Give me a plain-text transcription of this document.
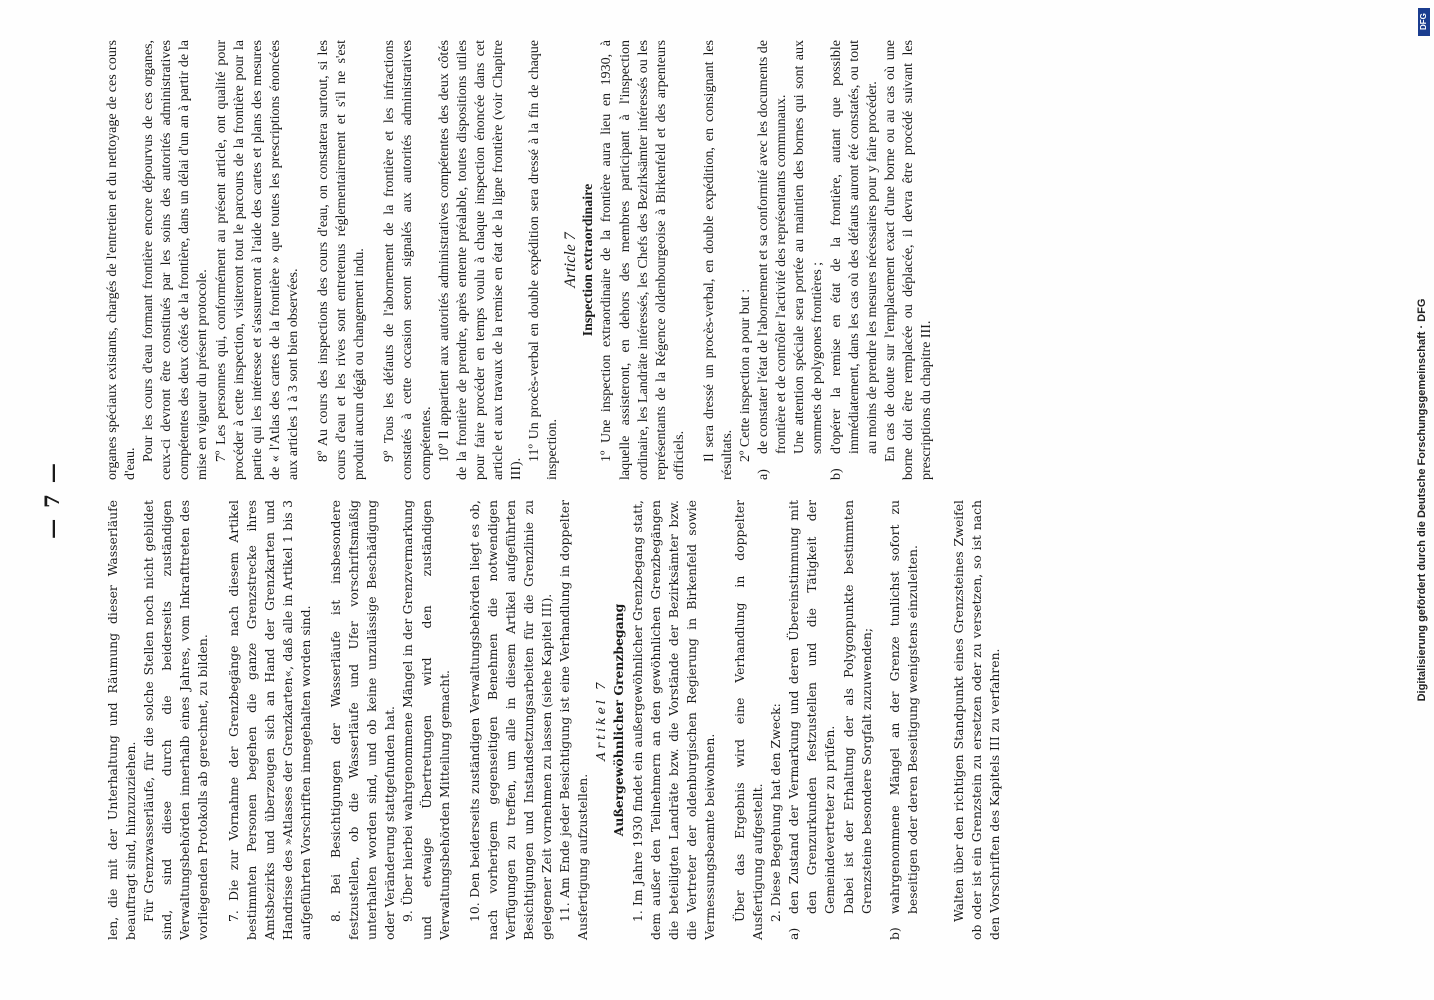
— 7 —	len, die mit der Unterhaltung und Räumung dieser Wasserläufe beauftragt sind, hinzuzuziehen. Für Grenzwasserläufe, für die solche Stellen noch nicht gebildet sind, sind diese durch die beiderseits zuständigen Verwaltungsbehörden innerhalb eines Jahres, vom Inkrafttreten des vorliegenden Protokolls ab gerechnet, zu bilden. 7. Die zur Vornahme der Grenzbegänge nach diesem Artikel bestimmten Personen begehen die ganze Grenzstrecke ihres Amtsbezirks und überzeugen sich an Hand der Grenzkarten und Handrisse des »Atlasses der Grenzkarten«, daß alle in Artikel 1 bis 3 aufgeführten Vorschriften innegehalten worden sind. 8. Bei Besichtigungen der Wasserläufe ist insbesondere festzustellen, ob die Wasserläufe und Ufer vorschriftsmäßig unterhalten worden sind, und ob keine unzulässige Beschädigung oder Veränderung stattgefunden hat. 9. Über hierbei wahrgenommene Mängel in der Grenzvermarkung und etwaige Übertretungen wird den zuständigen Verwaltungsbehörden Mitteilung gemacht. 10. Den beiderseits zuständigen Verwaltungsbehörden liegt es ob, nach vorherigem gegenseitigen Benehmen die notwendigen Verfügungen zu treffen, um alle in diesem Artikel aufgeführten Besichtigungen und Instandsetzungsarbeiten für die Grenzlinie zu gelegener Zeit vornehmen zu lassen (siehe Kapitel III). 11. Am Ende jeder Besichtigung ist eine Verhandlung in doppelter Ausfertigung aufzustellen.

Artikel 7 Außergewöhnlicher Grenzbegang 1. Im Jahre 1930 findet ein außergewöhnlicher Grenzbegang statt, dem außer den Teilnehmern an den gewöhnlichen Grenzbegängen die beteiligten Landräte bzw. die Vorstände der Bezirksämter bzw. die Vertreter der oldenburgischen Regierung in Birkenfeld sowie Vermessungsbeamte beiwohnen. Über das Ergebnis wird eine Verhandlung in doppelter Ausfertigung aufgestellt. 2. Diese Begehung hat den Zweck:

a)
den Zustand der Vermarkung und deren Übereinstimmung mit den Grenzurkunden festzustellen und die Tätigkeit der Gemeindevertreter zu prüfen. Dabei ist der Erhaltung der als Polygonpunkte bestimmten Grenzsteine besondere Sorgfalt zuzuwenden;
b)
wahrgenommene Mängel an der Grenze tunlichst sofort zu beseitigen oder deren Beseitigung wenigstens einzuleiten.	Walten über den richtigen Standpunkt eines Grenzsteines Zweifel ob oder ist ein Grenzstein zu ersetzen oder zu versetzen, so ist nach den Vorschriften des Kapitels III zu verfahren.

organes spéciaux existants, chargés de l'entretien et du nettoyage de ces cours d'eau.

Pour les cours d'eau formant frontière encore dépourvus de ces organes, ceux-ci devront être constitués par les soins des autorités administratives compétentes des deux côtés de la frontière, dans un délai d'un an à partir de la mise en vigueur du présent protocole. 7º Les personnes qui, conformément au présent article, ont qualité pour procéder à cette inspection, visiteront tout le parcours de la frontière pour la partie qui les intéresse et s'assureront à l'aide des cartes et plans des mesures de « l'Atlas des cartes de la frontière » que toutes les prescriptions énoncées aux articles 1 à 3 sont bien observées. 8º Au cours des inspections des cours d'eau, on constatera surtout, si les cours d'eau et les rives sont entretenus réglementairement et s'il ne s'est produit aucun dégât ou changement indu. 9º Tous les défauts de l'abornement de la frontière et les infractions constatés à cette occasion seront signalés aux autorités administratives compétentes. 10º Il appartient aux autorités administratives compétentes des deux côtés de la frontière de prendre, après entente préalable, toutes dispositions utiles pour faire procéder en temps voulu à chaque inspection énoncée dans cet article et aux travaux de la remise en état de la ligne frontière (voir Chapitre III).

11º Un procès-verbal en double expédition sera dressé à la fin de chaque inspection.

Article 7 Inspection extraordinaire 1º Une inspection extraordinaire de la frontière aura lieu en 1930, à laquelle assisteront, en dehors des membres participant à l'inspection ordinaire, les Landräte intéressés, les Chefs des Bezirksämter intéressés ou les représentants de la Régence oldenbourgeoise à Birkenfeld et des arpenteurs officiels. Il sera dressé un procès-verbal, en double expédition, en consignant les résultats. 2º Cette inspection a pour but :

a)
de constater l'état de l'abornement et sa conformité avec les documents de frontière et de contrôler l'activité des représentants communaux. Une attention spéciale sera portée au maintien des bornes qui sont aux sommets de polygones frontières ;
b)
d'opérer la remise en état de la frontière, autant que possible immédiatement, dans les cas où des défauts auront été constatés, ou tout au moins de prendre les mesures nécessaires pour y faire procéder. En cas de doute sur l'emplacement exact d'une borne ou au cas où une borne doit être remplacée ou déplacée, il devra être procédé suivant les prescriptions du chapitre III.

DFG
Digitalisierung gefördert durch die Deutsche Forschungsgemeinschaft · DFG
